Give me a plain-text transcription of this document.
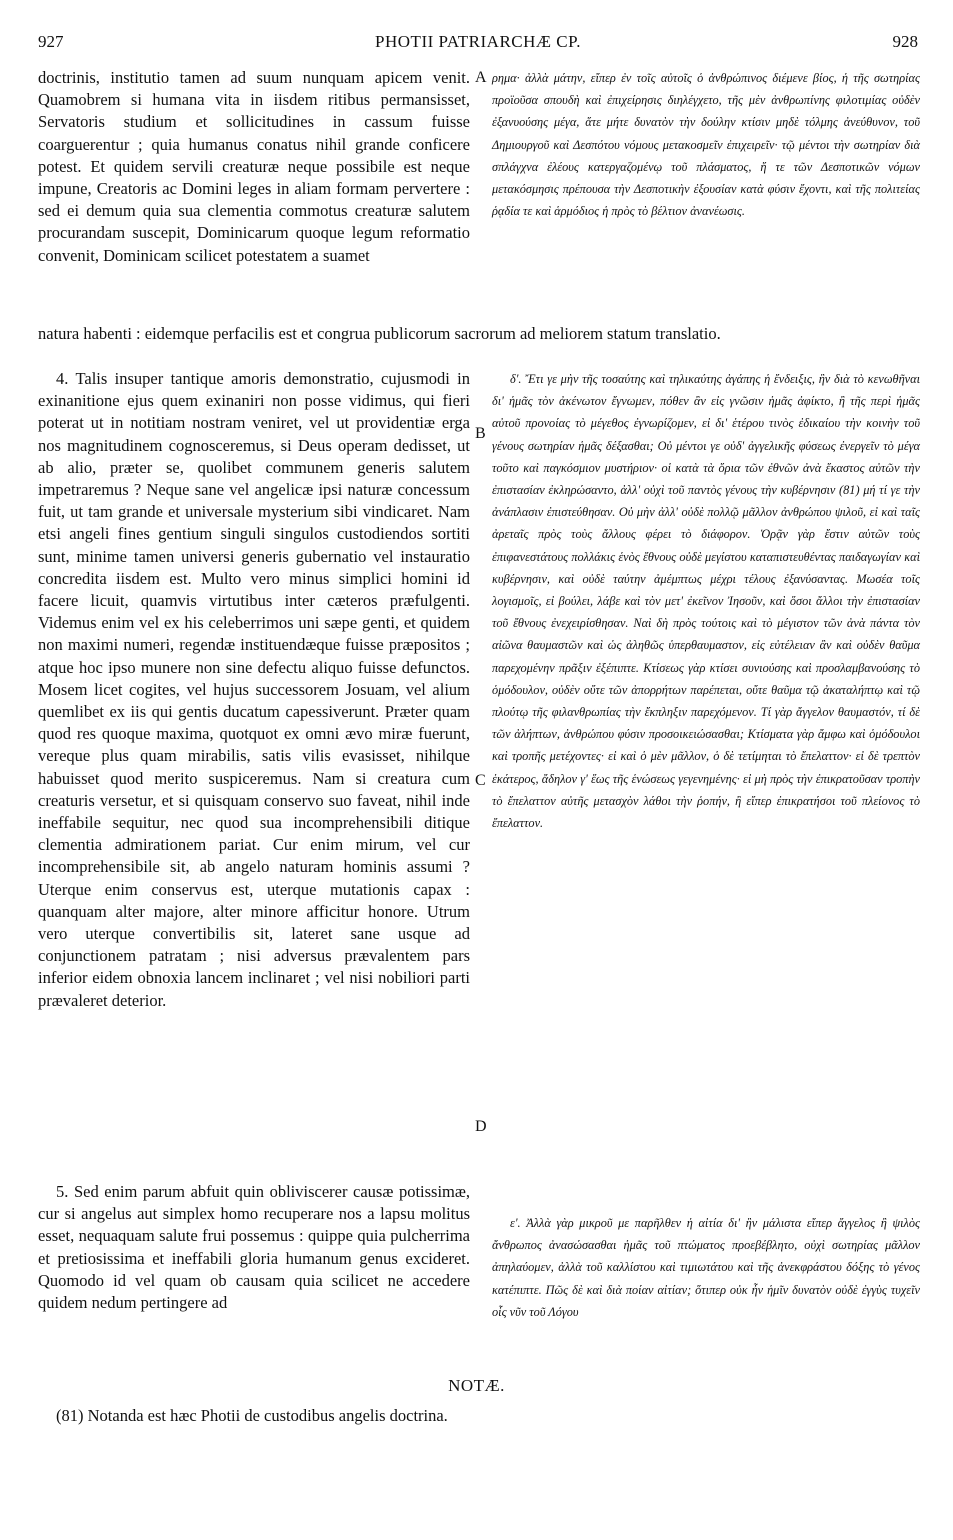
927	PHOTII PATRIARCHÆ CP.	928
A
B
C
D

doctrinis, institutio tamen ad suum nunquam apicem venit. Quamobrem si humana vita in iisdem ritibus permansisset, Servatoris studium et sollicitudines in cassum fuisse coarguerentur ; quia humanus conatus nihil grande conficere potest. Et quidem servili creaturæ neque possibile est neque impune, Creatoris ac Domini leges in aliam formam pervertere : sed ei demum quia sua clementia commotus creaturæ salutem procurandam suscepit, Dominicarum quoque legum reformatio convenit, Dominicam scilicet potestatem a suamet

ρημα· ἀλλὰ μάτην, εἴπερ ἐν τοῖς αὐτοῖς ὁ ἀνθρώπινος διέμενε βίος, ἡ τῆς σωτηρίας προϊοῦσα σπουδὴ καὶ ἐπιχείρησις διηλέγχετο, τῆς μὲν ἀνθρωπίνης φιλοτιμίας οὐδὲν ἐξανυούσης μέγα, ἅτε μήτε δυνατὸν τὴν δούλην κτίσιν μηδὲ τόλμης ἀνεύθυνον, τοῦ Δημιουργοῦ καὶ Δεσπότου νόμους μετακοσμεῖν ἐπιχειρεῖν· τῷ μέντοι τὴν σωτηρίαν διὰ σπλάγχνα ἐλέους κατεργαζομένῳ τοῦ πλάσματος, ἥ τε τῶν Δεσποτικῶν νόμων μετακόσμησις πρέπουσα τὴν Δεσποτικὴν ἐξουσίαν κατὰ φύσιν ἔχοντι, καὶ τῆς πολιτείας ῥᾳδία τε καὶ ἁρμόδιος ἡ πρὸς τὸ βέλτιον ἀνανέωσις.

natura habenti : eidemque perfacilis est et congrua publicorum sacrorum ad meliorem statum translatio.

4. Talis insuper tantique amoris demonstratio, cujusmodi in exinanitione ejus quem exinaniri non posse vidimus, qui fieri poterat ut in notitiam nostram veniret, vel ut providentiæ erga nos magnitudinem cognosceremus, si Deus operam dedisset, ut ab alio, præter se, quolibet communem generis salutem impetraremus ? Neque sane vel angelicæ ipsi naturæ concessum fuit, ut tam grande et universale mysterium sibi vindicaret. Nam etsi angeli fines gentium singuli singulos custodiendos sortiti sunt, minime tamen universi generis gubernatio vel instauratio concredita iisdem est. Multo vero minus simplici homini id facere licuit, quamvis virtutibus inter cæteros præfulgenti. Videmus enim vel ex his celeberrimos uni sæpe genti, et quidem non maximi numeri, regendæ instituendæque fuisse præpositos ; atque hoc ipso munere non sine defectu aliquo fuisse defunctos. Mosem licet cogites, vel hujus successorem Josuam, vel alium quemlibet ex iis qui gentis ducatum capessiverunt. Præter quam quod res quoque maxima, quotquot ex omni ævo miræ fuerunt, vereque plus quam mirabilis, satis vilis evasisset, nihilque habuisset quod merito suspiceremus. Nam si creatura cum creaturis versetur, et si quisquam conservo suo faveat, nihil inde ineffabile sequitur, nec quod sua incomprehensibili ditique clementia admirationem pariat. Cur enim mirum, vel cur incomprehensibile sit, ab angelo naturam hominis assumi ? Uterque enim conservus est, uterque mutationis capax : quanquam alter majore, alter minore afficitur honore. Utrum vero uterque convertibilis sit, lateret sane usque ad conjunctionem patratam ; nisi adversus prævalentem pars inferior eidem obnoxia lancem inclinaret ; vel nisi nobiliori parti prævaleret deterior.

δʹ. Ἔτι γε μὴν τῆς τοσαύτης καὶ τηλικαύτης ἀγάπης ἡ ἔνδειξις, ἣν διὰ τὸ κενωθῆναι δι' ἡμᾶς τὸν ἀκένωτον ἔγνωμεν, πόθεν ἂν εἰς γνῶσιν ἡμᾶς ἀφίκτο, ἢ τῆς περὶ ἡμᾶς αὐτοῦ προνοίας τὸ μέγεθος ἐγνωρίζομεν, εἰ δι' ἑτέρου τινὸς ἐδικαίου τὴν κοινὴν τοῦ γένους σωτηρίαν ἡμᾶς δέξασθαι; Οὐ μέντοι γε οὐδ' ἀγγελικῆς φύσεως ἐνεργεῖν τὸ μέγα τοῦτο καὶ παγκόσμιον μυστήριον· οἱ κατὰ τὰ ὅρια τῶν ἐθνῶν ἀνὰ ἕκαστος αὐτῶν τὴν ἐπιστασίαν ἐκληρώσαντο, ἀλλ' οὐχὶ τοῦ παντὸς γένους τὴν κυβέρνησιν (81) μή τί γε τὴν ἀνάπλασιν ἐπιστεύθησαν. Οὐ μὴν ἀλλ' οὐδὲ πολλῷ μᾶλλον ἀνθρώπου ψιλοῦ, εἰ καὶ ταῖς ἀρεταῖς πρὸς τοὺς ἄλλους φέρει τὸ διάφορον. Ὁρᾷν γὰρ ἔστιν αὐτῶν τοὺς ἐπιφανεστάτους πολλάκις ἑνὸς ἔθνους οὐδὲ μεγίστου καταπιστευθέντας παιδαγωγίαν καὶ κυβέρνησιν, καὶ οὐδὲ ταύτην ἀμέμπτως μέχρι τέλους ἐξανύσαντας. Μωσέα τοῖς λογισμοῖς, εἰ βούλει, λάβε καὶ τὸν μετ' ἐκεῖνον Ἰησοῦν, καὶ ὅσοι ἄλλοι τὴν ἐπιστασίαν τοῦ ἔθνους ἐνεχειρίσθησαν. Ναὶ δὴ πρὸς τούτοις καὶ τὸ μέγιστον τῶν ἀνὰ πάντα τὸν αἰῶνα θαυμαστῶν καὶ ὡς ἀληθῶς ὑπερθαυμαστον, εἰς εὐτέλειαν ἂν καὶ οὐδὲν θαῦμα παρεχομένην πρᾶξιν ἐξέπιπτε. Κτίσεως γὰρ κτίσει συνιούσης καὶ προσλαμβανούσης τὸ ὁμόδουλον, οὐδὲν οὔτε τῶν ἀπορρήτων παρέπεται, οὔτε θαῦμα τῷ ἀκαταλήπτῳ καὶ τῷ πλούτῳ τῆς φιλανθρωπίας τὴν ἔκπληξιν παρεχόμενον. Τί γὰρ ἄγγελον θαυμαστόν, τί δὲ τῶν ἀλήπτων, ἀνθρώπου φύσιν προσοικειώσασθαι; Κτίσματα γὰρ ἄμφω καὶ ὁμόδουλοι καὶ τροπῆς μετέχοντες· εἰ καὶ ὁ μὲν μᾶλλον, ὁ δὲ τετίμηται τὸ ἔπελαττον· εἰ δὲ τρεπτὸν ἑκάτερος, ἄδηλον γ' ἕως τῆς ἑνώσεως γεγενημένης· εἰ μὴ πρὸς τὴν ἐπικρατοῦσαν τροπὴν τὸ ἔπελαττον αὐτῆς μετασχὸν λάθοι τὴν ῥοπήν, ἢ εἴπερ ἐπικρατήσοι τοῦ πλείονος τὸ ἔπελαττον.

5. Sed enim parum abfuit quin obliviscerer causæ potissimæ, cur si angelus aut simplex homo recuperare nos a lapsu molitus esset, nequaquam salute frui possemus : quippe quia pulcherrima et pretiosissima et ineffabili gloria humanum genus excideret. Quomodo id vel quam ob causam quia scilicet ne accedere quidem nedum pertingere ad

εʹ. Ἀλλὰ γὰρ μικροῦ με παρῆλθεν ἡ αἰτία δι' ἣν μάλιστα εἴπερ ἄγγελος ἢ ψιλὸς ἄνθρωπος ἀνασώσασθαι ἡμᾶς τοῦ πτώματος προεβέβλητο, οὐχὶ σωτηρίας μᾶλλον ἀπηλαύομεν, ἀλλὰ τοῦ καλλίστου καὶ τιμιωτάτου καὶ τῆς ἀνεκφράστου δόξης τὸ γένος κατέπιπτε. Πῶς δὲ καὶ διὰ ποίαν αἰτίαν; ὅτιπερ οὐκ ἦν ἡμῖν δυνατὸν οὐδὲ ἐγγὺς τυχεῖν οἷς νῦν τοῦ Λόγου

NOTÆ.
(81) Notanda est hæc Photii de custodibus angelis doctrina.
